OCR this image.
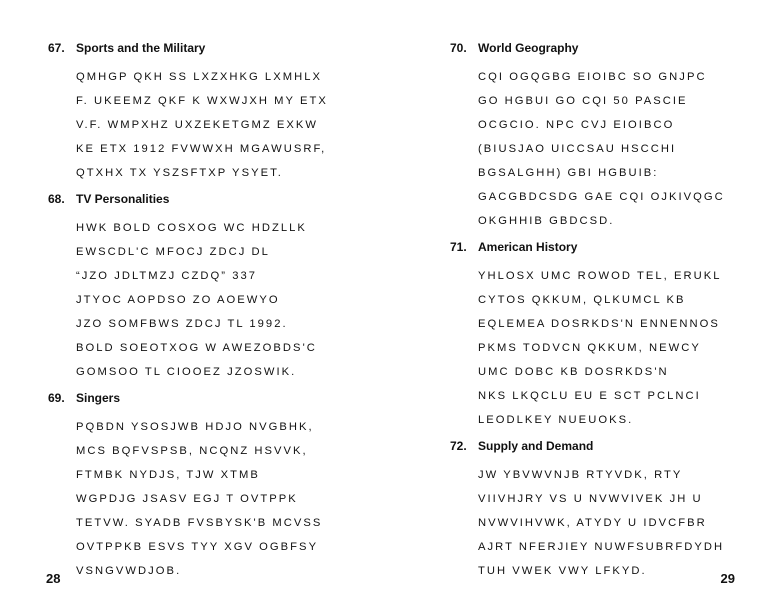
67. Sports and the Military
QMHGP QKH SS LXZXHKG LXMHLX
F. UKEEMZ QKF K WXWJXH MY ETX
V.F. WMPXHZ UXZEKETGMZ EXKW
KE ETX 1912 FVWWXH MGAWUSRF,
QTXHX TX YSZSFTXP YSYET.
68. TV Personalities
HWK BOLD COSXOG WC HDZLLK
EWSCDL'C MFOCJ ZDCJ DL
“JZO JDLTMZJ CZDQ” 337
JTYOC AOPDSO ZO AOEWYO
JZO SOMFBWS ZDCJ TL 1992.
BOLD SOEOTXOG W AWEZOBDS'C
GOMSOO TL CIOOEZ JZOSWIK.
69. Singers
PQBDN YSOSJWB HDJO NVGBHK,
MCS BQFVSPSB, NCQNZ HSVVK,
FTMBK NYDJS, TJW XTMB
WGPDJG JSASV EGJ T OVTPPK
TETVW. SYADB FVSBYSK'B MCVSS
OVTPPKB ESVS TYY XGV OGBFSY
VSNGVWDJOB.
70. World Geography
CQI OGQGBG EIOIBC SO GNJPC
GO HGBUI GO CQI 50 PASCIE
OCGCIO. NPC CVJ EIOIBCO
(BIUSJAO UICCSAU HSCCHI
BGSALGHH) GBI HGBUIB:
GACGBDCSDG GAE CQI OJKIVQGC
OKGHHIB GBDCSD.
71. American History
YHLOSX UMC ROWOD TEL, ERUKL
CYTOS QKKUM, QLKUMCL KB
EQLEMEA DOSRKDS'N ENNENNOS
PKMS TODVCN QKKUM, NEWCY
UMC DOBC KB DOSRKDS'N
NKS LKQCLU EU E SCT PCLNCI
LEODLKEY NUEUOKS.
72. Supply and Demand
JW YBVWVNJB RTYVDK, RTY
VIIVHJRY VS U NVWVIVEK JH U
NVWVIHVWK, ATYDY U IDVCFBR
AJRT NFERJIEY NUWFSUBRFDYDH
TUH VWEK VWY LFKYD.
28	29
